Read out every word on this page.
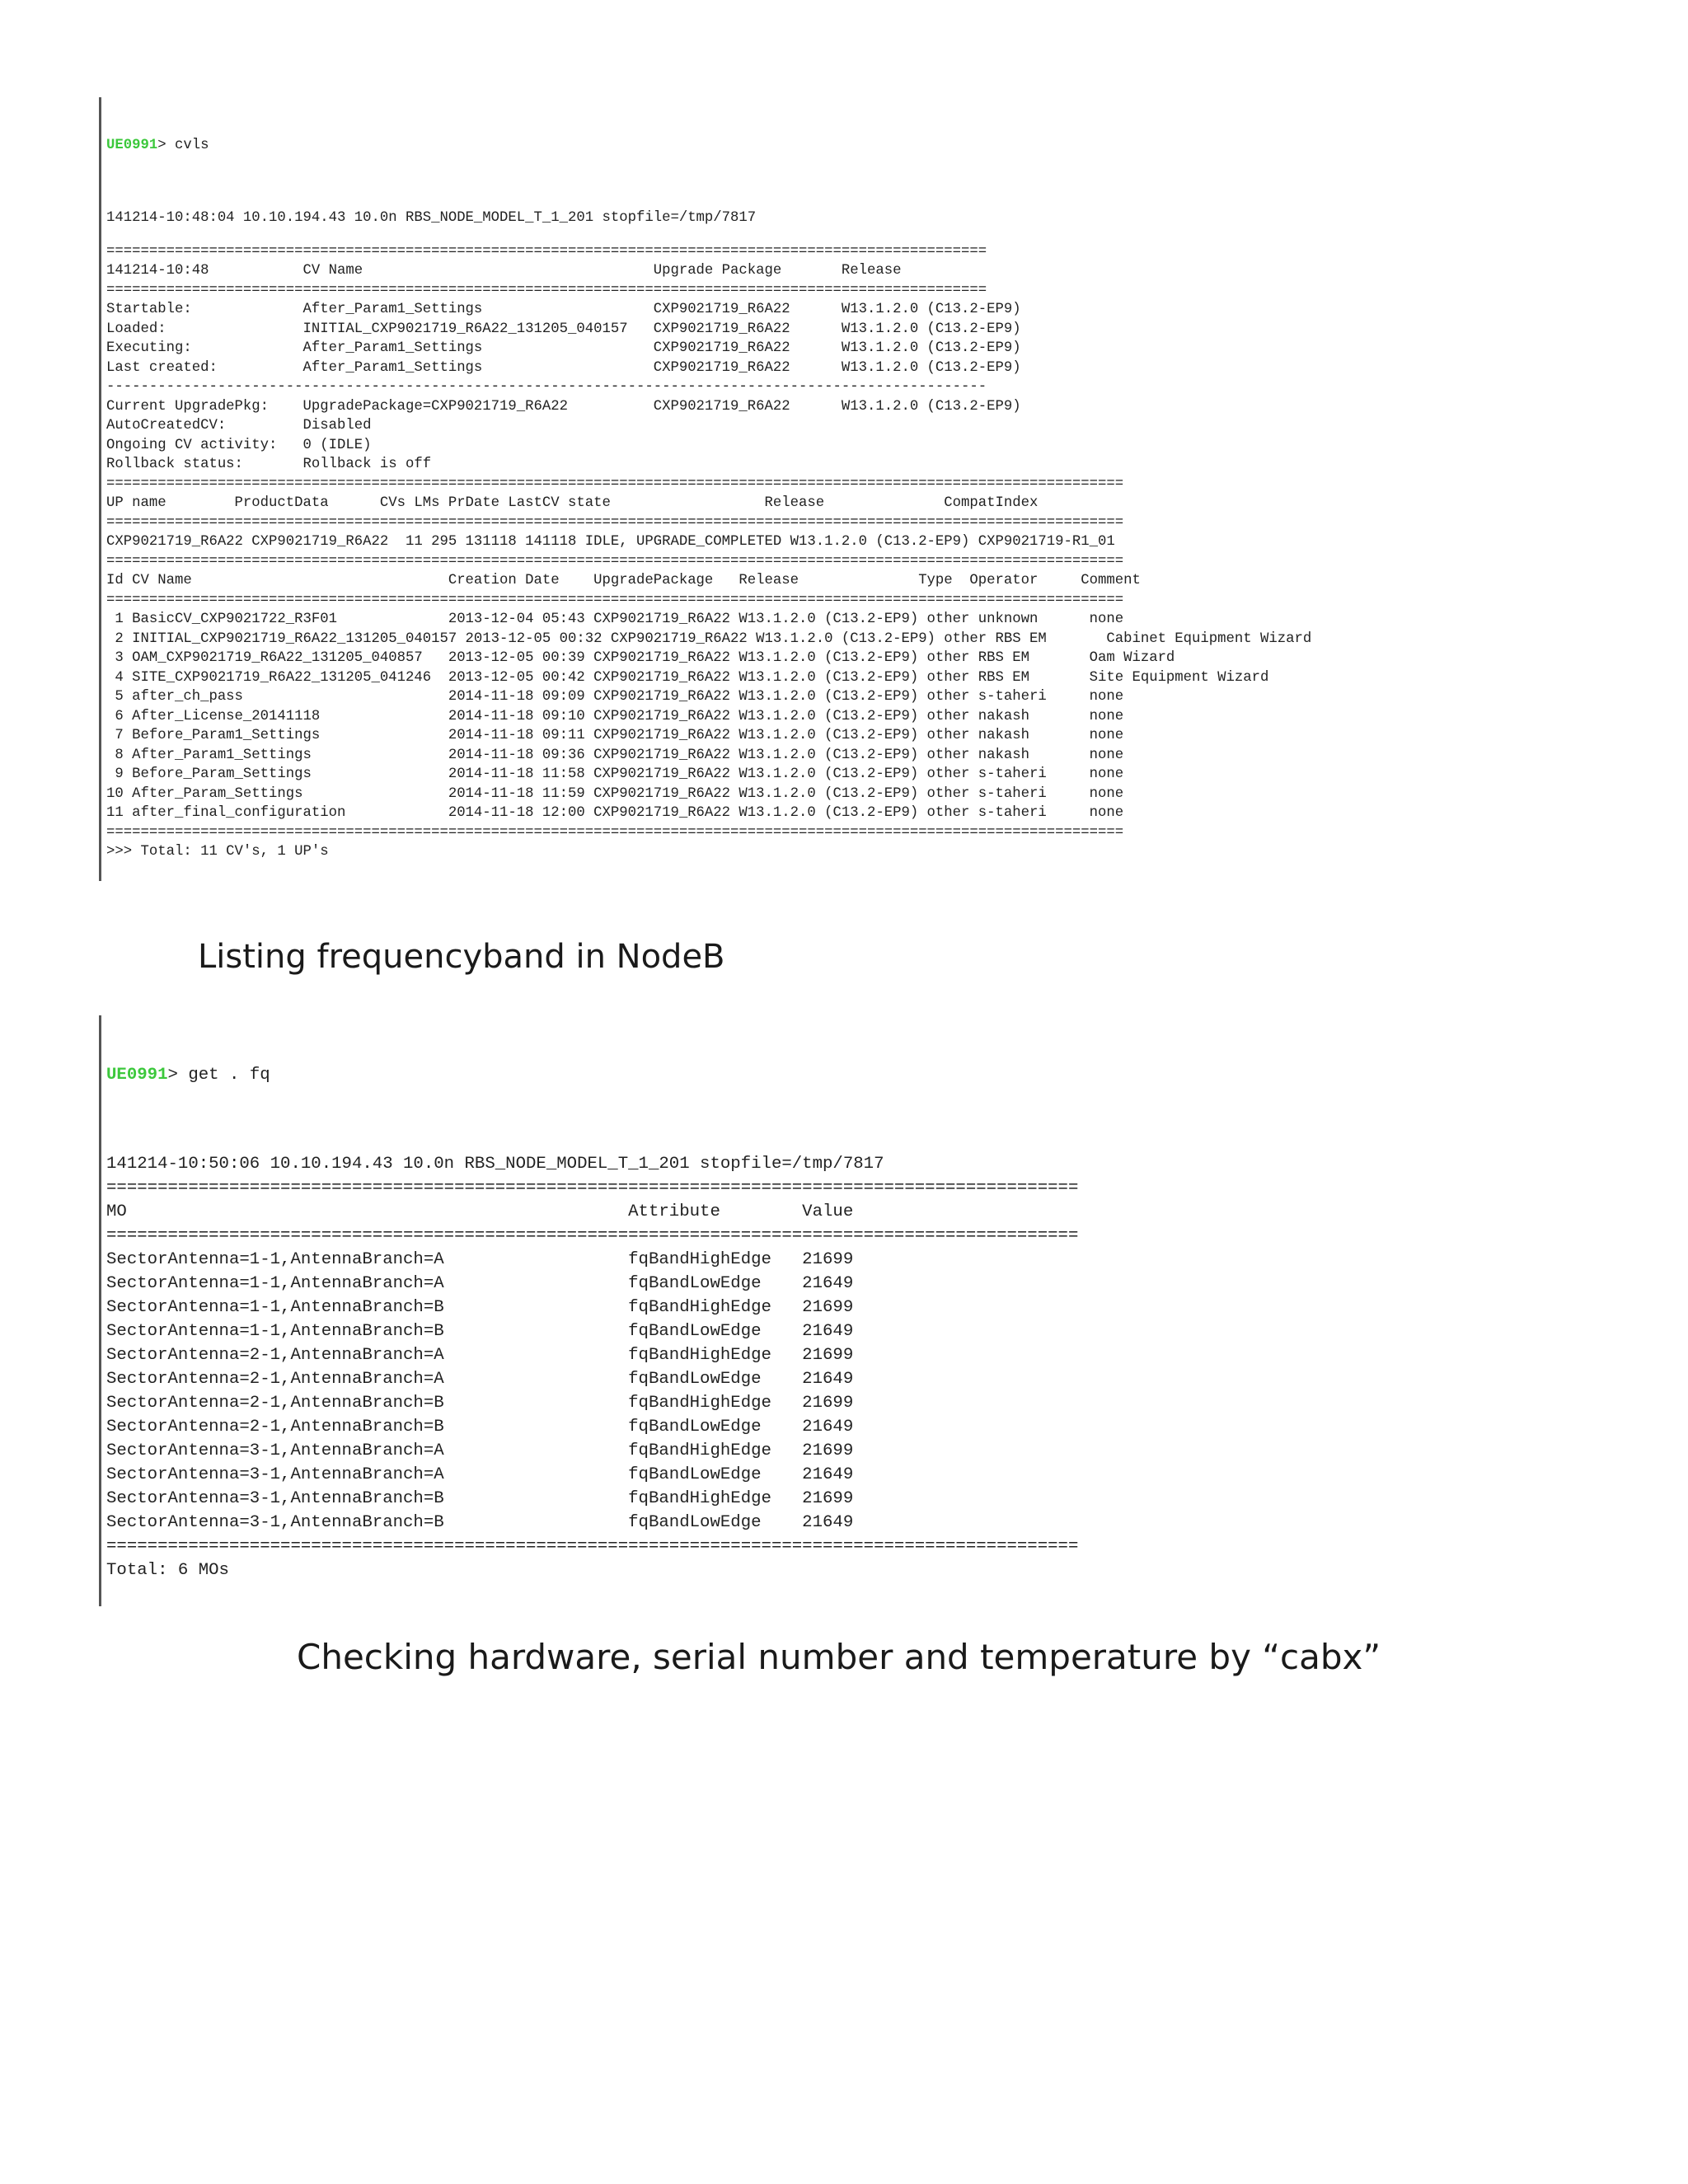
UE0991> cvls

141214-10:48:04 10.10.194.43 10.0n RBS_NODE_MODEL_T_1_201 stopfile=/tmp/7817
=======================================================================================================
141214-10:48           CV Name                                  Upgrade Package       Release
=======================================================================================================
Startable:             After_Param1_Settings                    CXP9021719_R6A22      W13.1.2.0 (C13.2-EP9)
Loaded:                INITIAL_CXP9021719_R6A22_131205_040157   CXP9021719_R6A22      W13.1.2.0 (C13.2-EP9)
Executing:             After_Param1_Settings                    CXP9021719_R6A22      W13.1.2.0 (C13.2-EP9)
Last created:          After_Param1_Settings                    CXP9021719_R6A22      W13.1.2.0 (C13.2-EP9)
-------------------------------------------------------------------------------------------------------
Current UpgradePkg:    UpgradePackage=CXP9021719_R6A22          CXP9021719_R6A22      W13.1.2.0 (C13.2-EP9)
AutoCreatedCV:         Disabled
Ongoing CV activity:   0 (IDLE)
Rollback status:       Rollback is off
=======================================================================================================================
UP name        ProductData      CVs LMs PrDate LastCV state                  Release              CompatIndex
=======================================================================================================================
CXP9021719_R6A22 CXP9021719_R6A22  11 295 131118 141118 IDLE, UPGRADE_COMPLETED W13.1.2.0 (C13.2-EP9) CXP9021719-R1_01
=======================================================================================================================
Id CV Name                              Creation Date    UpgradePackage   Release              Type  Operator     Comment
=======================================================================================================================
1 BasicCV_CXP9021722_R3F01             2013-12-04 05:43 CXP9021719_R6A22 W13.1.2.0 (C13.2-EP9) other unknown      none
2 INITIAL_CXP9021719_R6A22_131205_040157 2013-12-05 00:32 CXP9021719_R6A22 W13.1.2.0 (C13.2-EP9) other RBS EM       Cabinet Equipment Wizard
3 OAM_CXP9021719_R6A22_131205_040857   2013-12-05 00:39 CXP9021719_R6A22 W13.1.2.0 (C13.2-EP9) other RBS EM       Oam Wizard
4 SITE_CXP9021719_R6A22_131205_041246  2013-12-05 00:42 CXP9021719_R6A22 W13.1.2.0 (C13.2-EP9) other RBS EM       Site Equipment Wizard
5 after_ch_pass                        2014-11-18 09:09 CXP9021719_R6A22 W13.1.2.0 (C13.2-EP9) other s-taheri     none
6 After_License_20141118               2014-11-18 09:10 CXP9021719_R6A22 W13.1.2.0 (C13.2-EP9) other nakash       none
7 Before_Param1_Settings               2014-11-18 09:11 CXP9021719_R6A22 W13.1.2.0 (C13.2-EP9) other nakash       none
8 After_Param1_Settings                2014-11-18 09:36 CXP9021719_R6A22 W13.1.2.0 (C13.2-EP9) other nakash       none
9 Before_Param_Settings                2014-11-18 11:58 CXP9021719_R6A22 W13.1.2.0 (C13.2-EP9) other s-taheri     none
10 After_Param_Settings                 2014-11-18 11:59 CXP9021719_R6A22 W13.1.2.0 (C13.2-EP9) other s-taheri     none
11 after_final_configuration            2014-11-18 12:00 CXP9021719_R6A22 W13.1.2.0 (C13.2-EP9) other s-taheri     none
=======================================================================================================================
>>> Total: 11 CV's, 1 UP's

Listing frequencyband in NodeB

UE0991> get . fq

141214-10:50:06 10.10.194.43 10.0n RBS_NODE_MODEL_T_1_201 stopfile=/tmp/7817
===============================================================================================
MO                                                 Attribute        Value
===============================================================================================
SectorAntenna=1-1,AntennaBranch=A                  fqBandHighEdge   21699
SectorAntenna=1-1,AntennaBranch=A                  fqBandLowEdge    21649
SectorAntenna=1-1,AntennaBranch=B                  fqBandHighEdge   21699
SectorAntenna=1-1,AntennaBranch=B                  fqBandLowEdge    21649
SectorAntenna=2-1,AntennaBranch=A                  fqBandHighEdge   21699
SectorAntenna=2-1,AntennaBranch=A                  fqBandLowEdge    21649
SectorAntenna=2-1,AntennaBranch=B                  fqBandHighEdge   21699
SectorAntenna=2-1,AntennaBranch=B                  fqBandLowEdge    21649
SectorAntenna=3-1,AntennaBranch=A                  fqBandHighEdge   21699
SectorAntenna=3-1,AntennaBranch=A                  fqBandLowEdge    21649
SectorAntenna=3-1,AntennaBranch=B                  fqBandHighEdge   21699
SectorAntenna=3-1,AntennaBranch=B                  fqBandLowEdge    21649
===============================================================================================
Total: 6 MOs

Checking hardware, serial number and temperature by “cabx”
